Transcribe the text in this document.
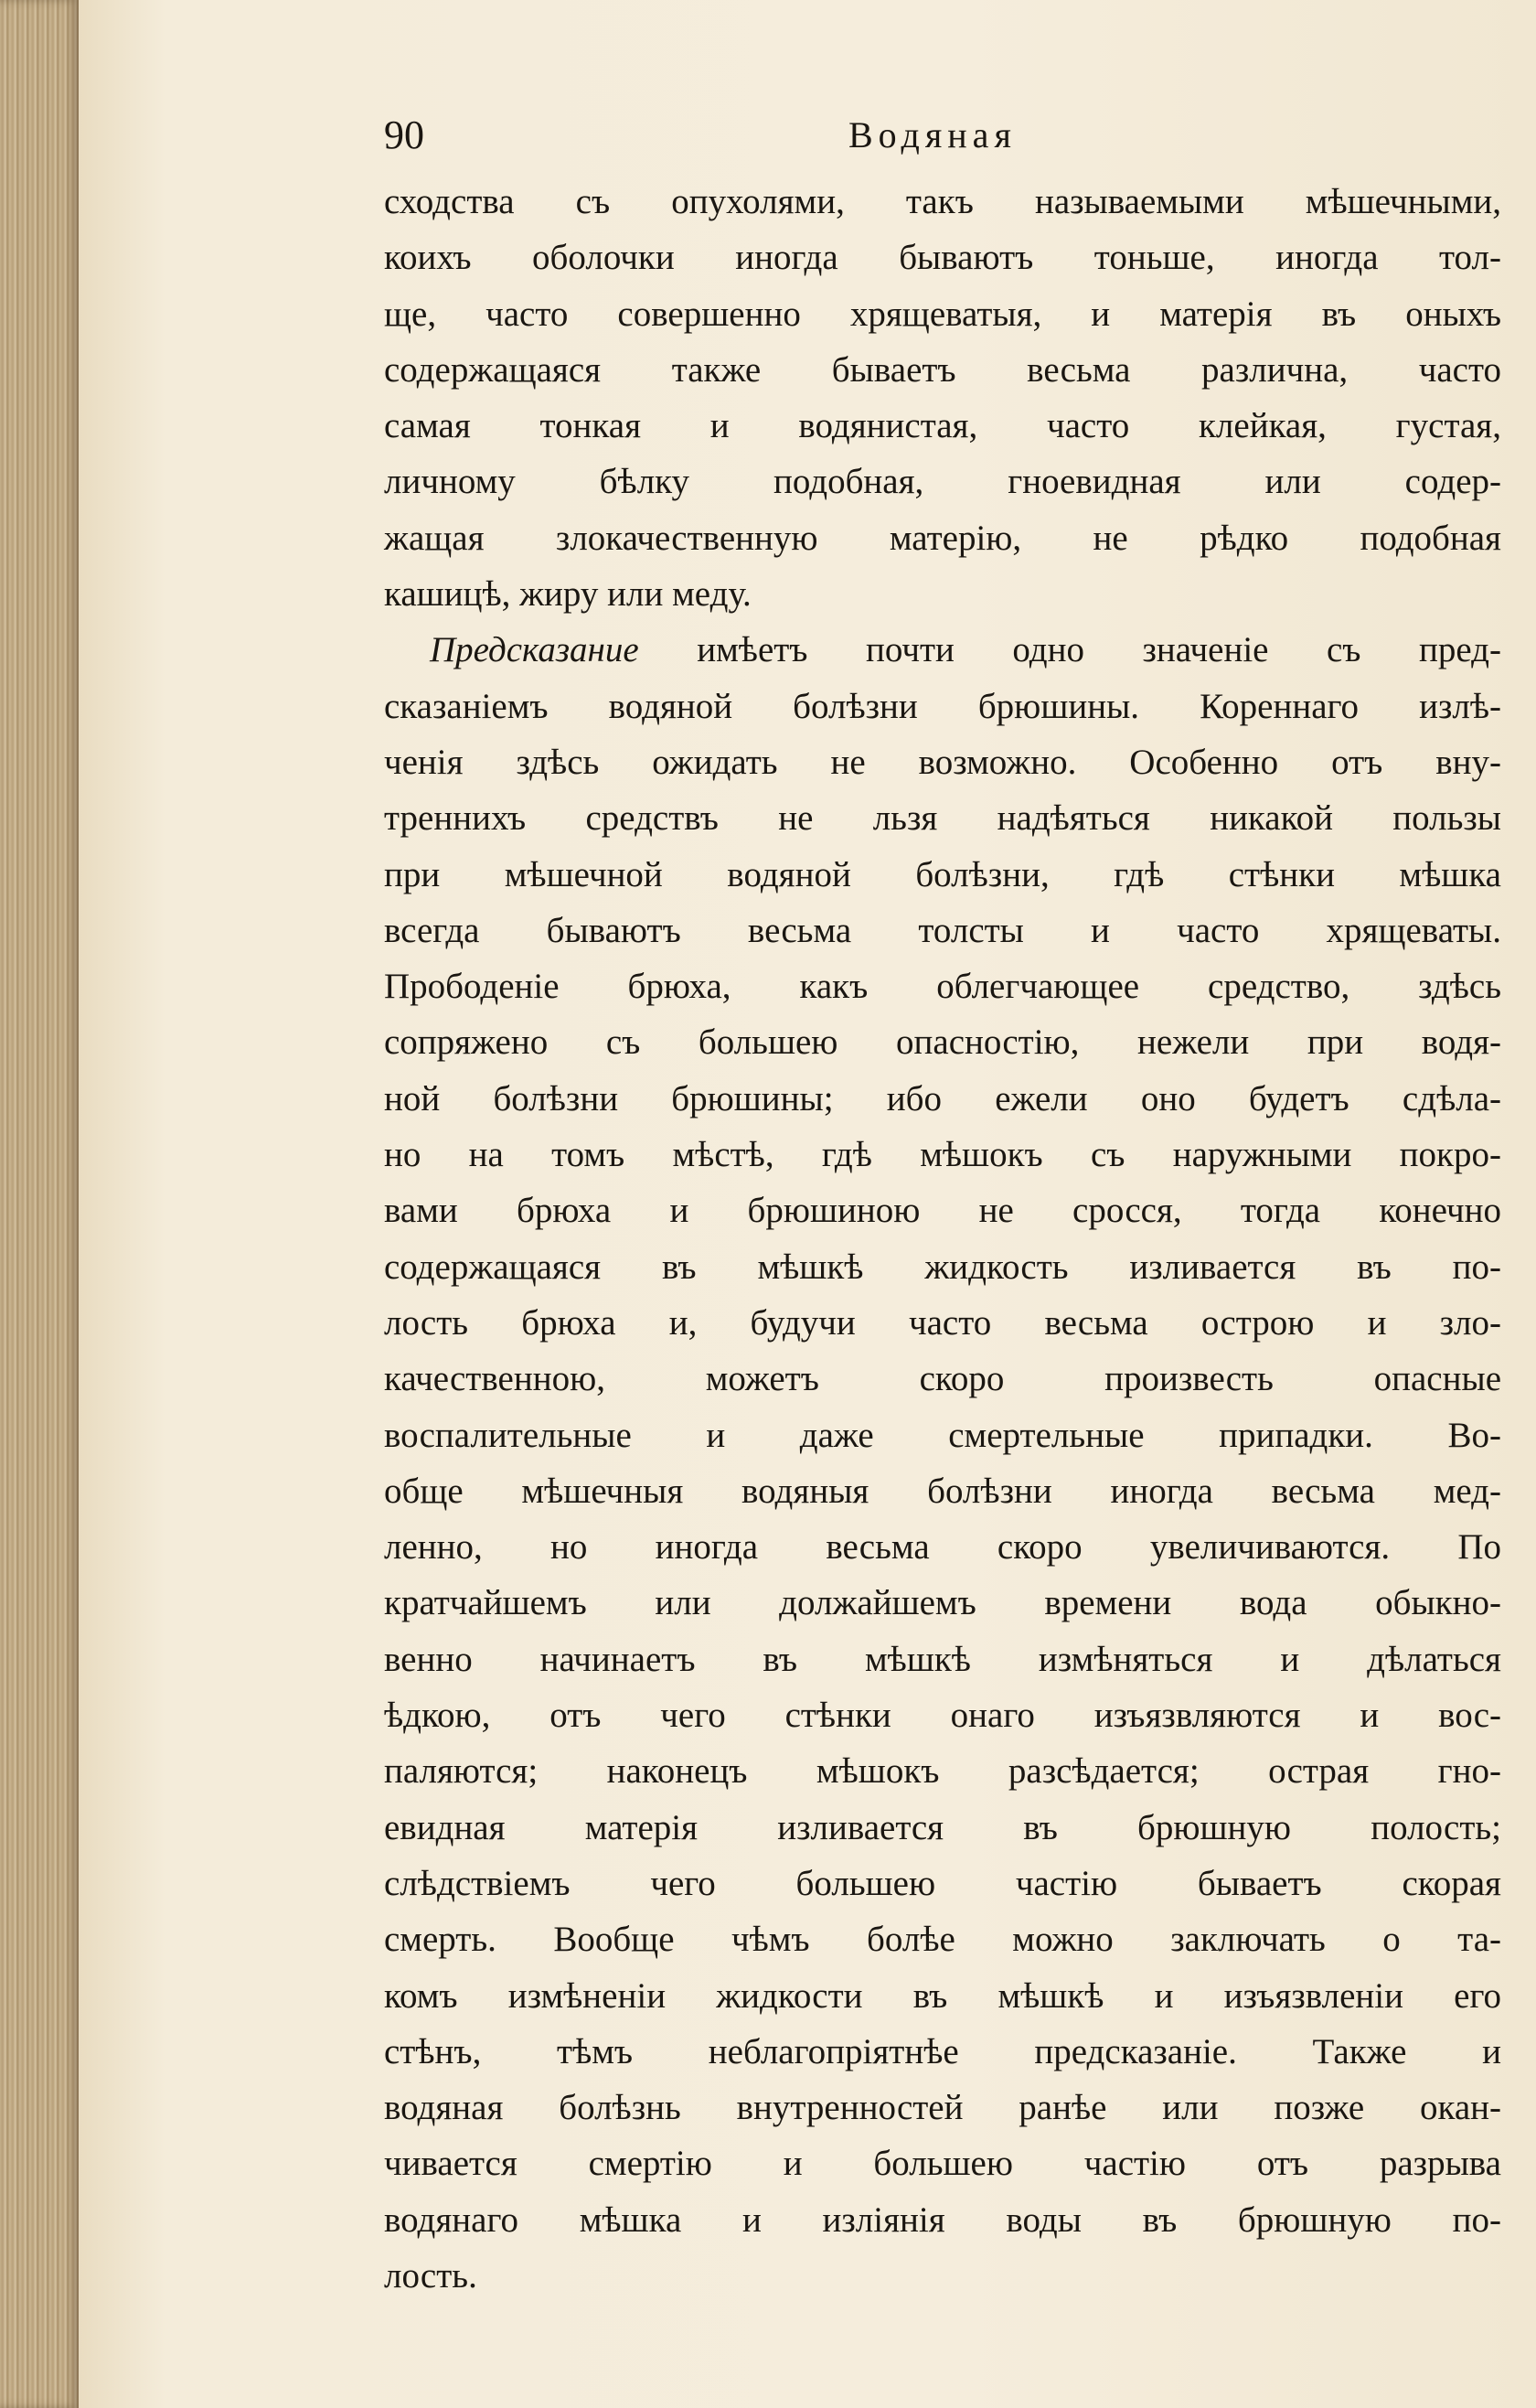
90	Водяная
сходства съ опухолями, такъ называемыми мѣшечными,
коихъ оболочки иногда бываютъ тоньше, иногда тол-
ще, часто совершенно хрящеватыя, и матерія въ оныхъ
содержащаяся также бываетъ весьма различна, часто
самая тонкая и водянистая, часто клейкая, густая,
личному бѣлку подобная, гноевидная или содер-
жащая злокачественную матерію, не рѣдко подобная
кашицѣ, жиру или меду.
Предсказание имѣетъ почти одно значеніе съ пред-
сказаніемъ водяной болѣзни брюшины. Кореннаго излѣ-
ченія здѣсь ожидать не возможно. Особенно отъ вну-
треннихъ средствъ не льзя надѣяться никакой пользы
при мѣшечной водяной болѣзни, гдѣ стѣнки мѣшка
всегда бываютъ весьма толсты и часто хрящеваты.
Прободеніе брюха, какъ облегчающее средство, здѣсь
сопряжено съ большею опасностію, нежели при водя-
ной болѣзни брюшины; ибо ежели оно будетъ сдѣла-
но на томъ мѣстѣ, гдѣ мѣшокъ съ наружными покро-
вами брюха и брюшиною не сросся, тогда конечно
содержащаяся въ мѣшкѣ жидкость изливается въ по-
лость брюха и, будучи часто весьма острою и зло-
качественною, можетъ скоро произвесть опасные
воспалительные и даже смертельные припадки. Во-
обще мѣшечныя водяныя болѣзни иногда весьма мед-
ленно, но иногда весьма скоро увеличиваются. По
кратчайшемъ или должайшемъ времени вода обыкно-
венно начинаетъ въ мѣшкѣ измѣняться и дѣлаться
ѣдкою, отъ чего стѣнки онаго изъязвляются и вос-
паляются; наконецъ мѣшокъ разсѣдается; острая гно-
евидная матерія изливается въ брюшную полость;
слѣдствіемъ чего большею частію бываетъ скорая
смерть. Вообще чѣмъ болѣе можно заключать о та-
комъ измѣненіи жидкости въ мѣшкѣ и изъязвленіи его
стѣнъ, тѣмъ неблагопріятнѣе предсказаніе. Также и
водяная болѣзнь внутренностей ранѣе или позже окан-
чивается смертію и большею частію отъ разрыва
водянаго мѣшка и изліянія воды въ брюшную по-
лость.
